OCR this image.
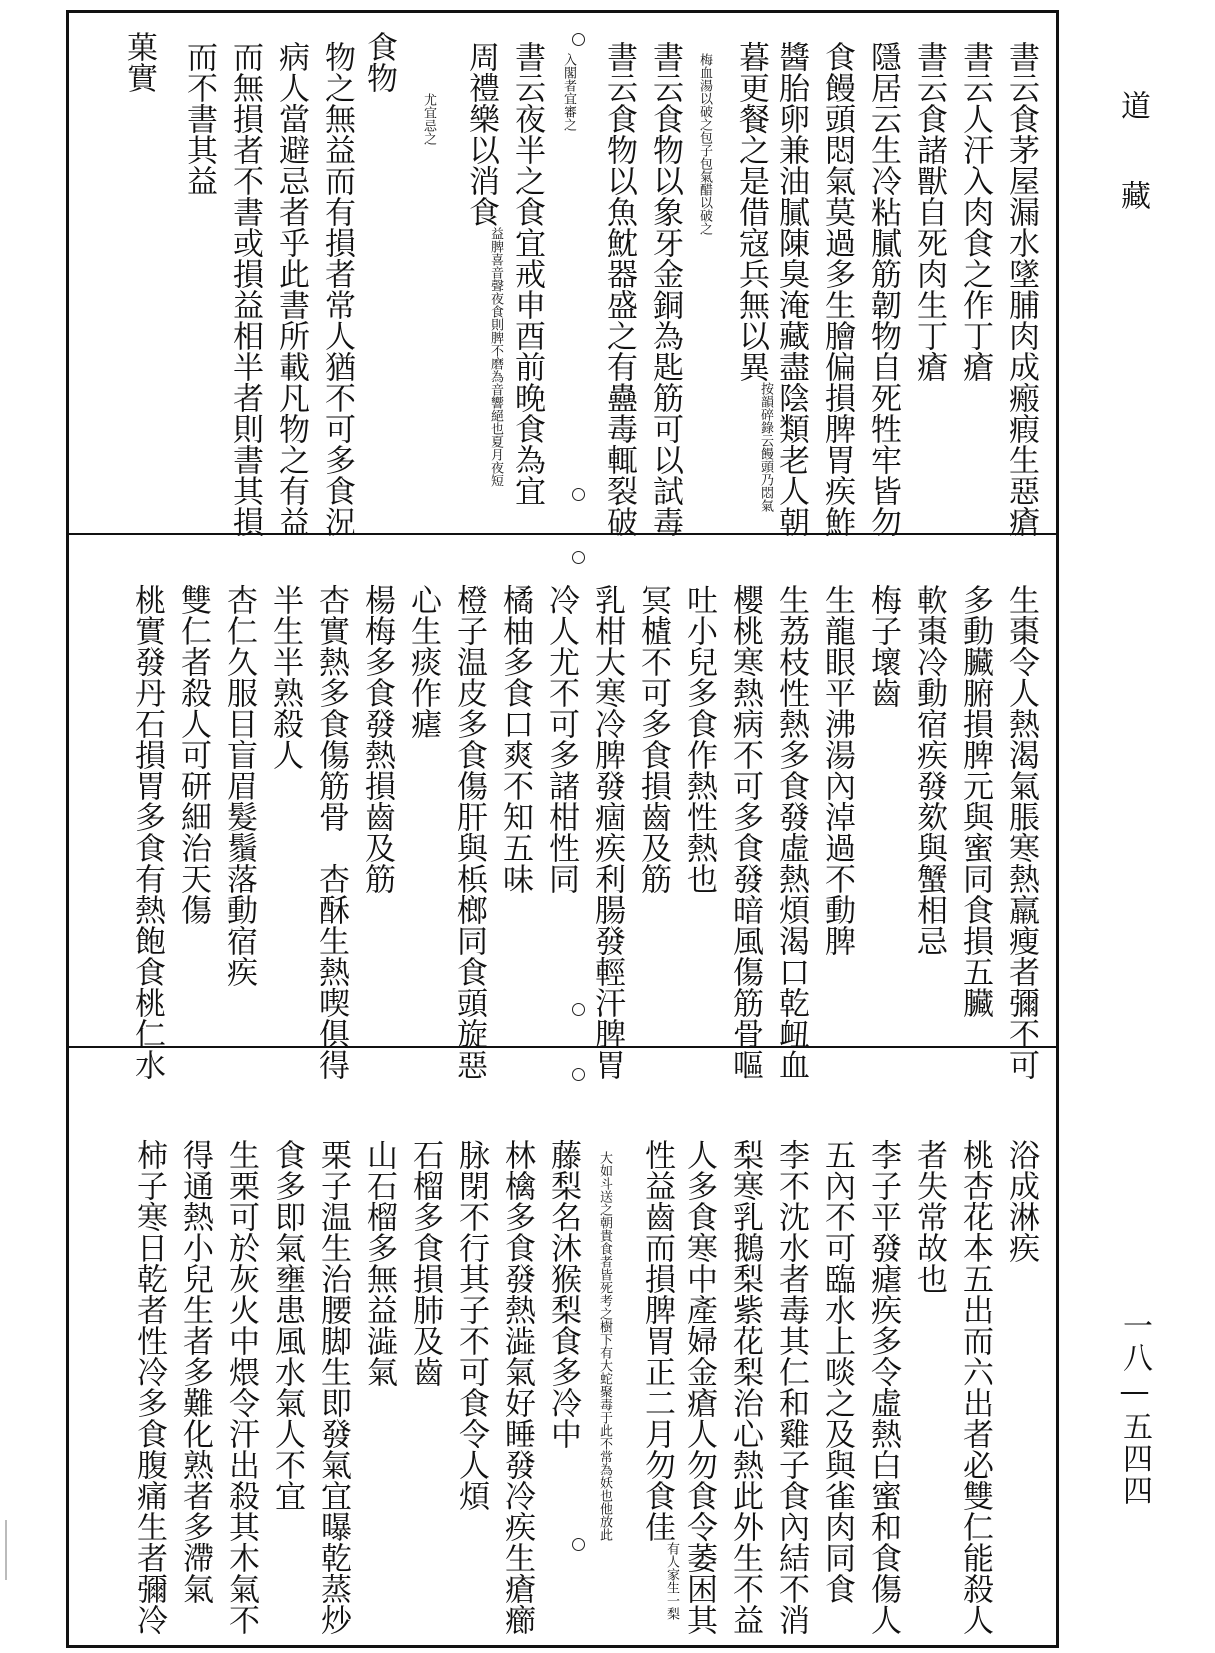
道藏
一八—五四四
書云食茅屋漏水墜脯肉成瘢瘕生惡瘡
書云人汗入肉食之作丁瘡
書云食諸獸自死肉生丁瘡
隱居云生冷粘膩筋韌物自死牲牢皆勿
食饅頭悶氣莫過多生膾偏損脾胃疾鮓
醬胎卵兼油膩陳臭淹藏盡陰類老人朝
暮更餐之是借寇兵無以異按韻碎錄云饅頭乃悶氣
梅血湯以破之包子包氣醋以破之
書云食物以象牙金銅為匙筋可以試毒
書云食物以魚魫器盛之有蠱毒輒裂破
入閣者宜審之
書云夜半之食宜戒申酉前晚食為宜
周禮樂以消食益脾喜音聲夜食則脾不磨為音響絕也夏月夜短
尤宜忌之
食物
物之無益而有損者常人猶不可多食況
病人當避忌者乎此書所載凡物之有益
而無損者不書或損益相半者則書其損
而不書其益
菓實
生棗令人熱渴氣脹寒熱羸瘦者彌不可
多動臟腑損脾元與蜜同食損五臟
軟棗冷動宿疾發欬與蟹相忌
梅子壞齒
生龍眼平沸湯內淖過不動脾
生荔枝性熱多食發虛熱煩渴口乾衄血
櫻桃寒熱病不可多食發暗風傷筋骨嘔
吐小兒多食作熱性熱也
冥樝不可多食損齒及筋
乳柑大寒冷脾發痼疾利腸發輕汗脾胃
冷人尤不可多諸柑性同
橘柚多食口爽不知五味
橙子温皮多食傷肝與梹榔同食頭旋惡
心生痰作瘧
楊梅多食發熱損齒及筋
杏實熱多食傷筋骨　杏酥生熱喫俱得
半生半熟殺人
杏仁久服目盲眉髮鬚落動宿疾
雙仁者殺人可研細治天傷
桃實發丹石損胃多食有熱飽食桃仁水
浴成淋疾
桃杏花本五出而六出者必雙仁能殺人
者失常故也
李子平發瘧疾多令虛熱白蜜和食傷人
五內不可臨水上啖之及與雀肉同食
李不沈水者毒其仁和雞子食內結不消
梨寒乳鵝梨紫花梨治心熱此外生不益
人多食寒中產婦金瘡人勿食令萎困其
性益齒而損脾胃正二月勿食佳有人家生一梨
大如斗送之朝貴食者皆死考之樹下有大蛇聚毒于此不常為妖也他放此
藤梨名沐猴梨食多冷中
林檎多食發熱澁氣好睡發冷疾生瘡癤
脉閉不行其子不可食令人煩
石榴多食損肺及齒
山石榴多無益澁氣
栗子温生治腰脚生即發氣宜曝乾蒸炒
食多即氣壅患風水氣人不宜
生栗可於灰火中煨令汗出殺其木氣不
得通熱小兒生者多難化熟者多滯氣
柿子寒日乾者性冷多食腹痛生者彌冷
